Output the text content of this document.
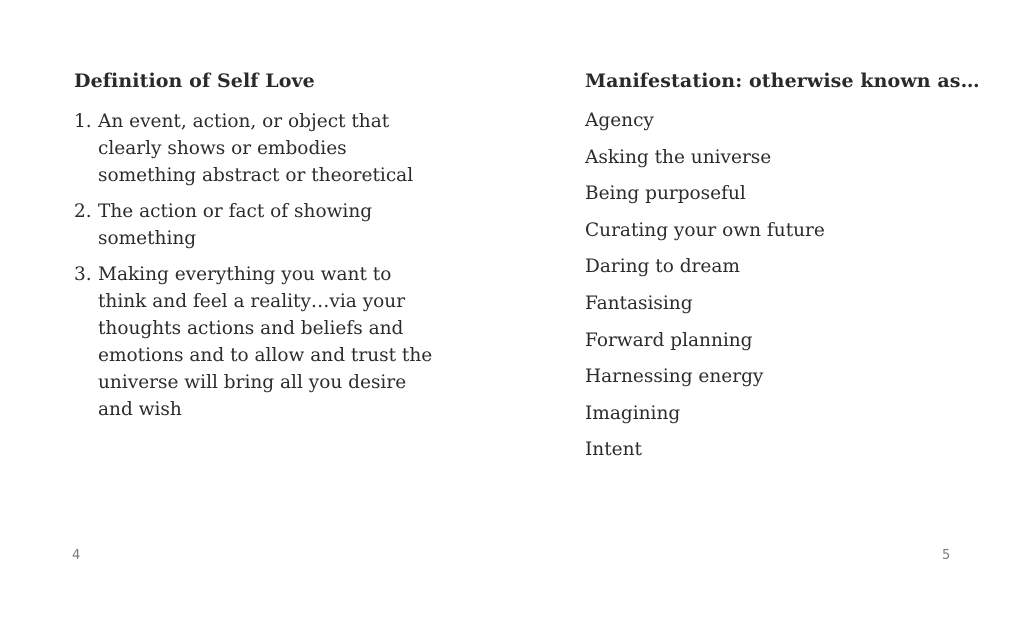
Definition of Self Love
1. An event, action, or object that clearly shows or embodies something abstract or theoretical
2. The action or fact of showing something
3. Making everything you want to think and feel a reality…via your thoughts actions and beliefs and emotions and to allow and trust the universe will bring all you desire and wish
4
Manifestation: otherwise known as…
Agency
Asking the universe
Being purposeful
Curating your own future
Daring to dream
Fantasising
Forward planning
Harnessing energy
Imagining
Intent
5
